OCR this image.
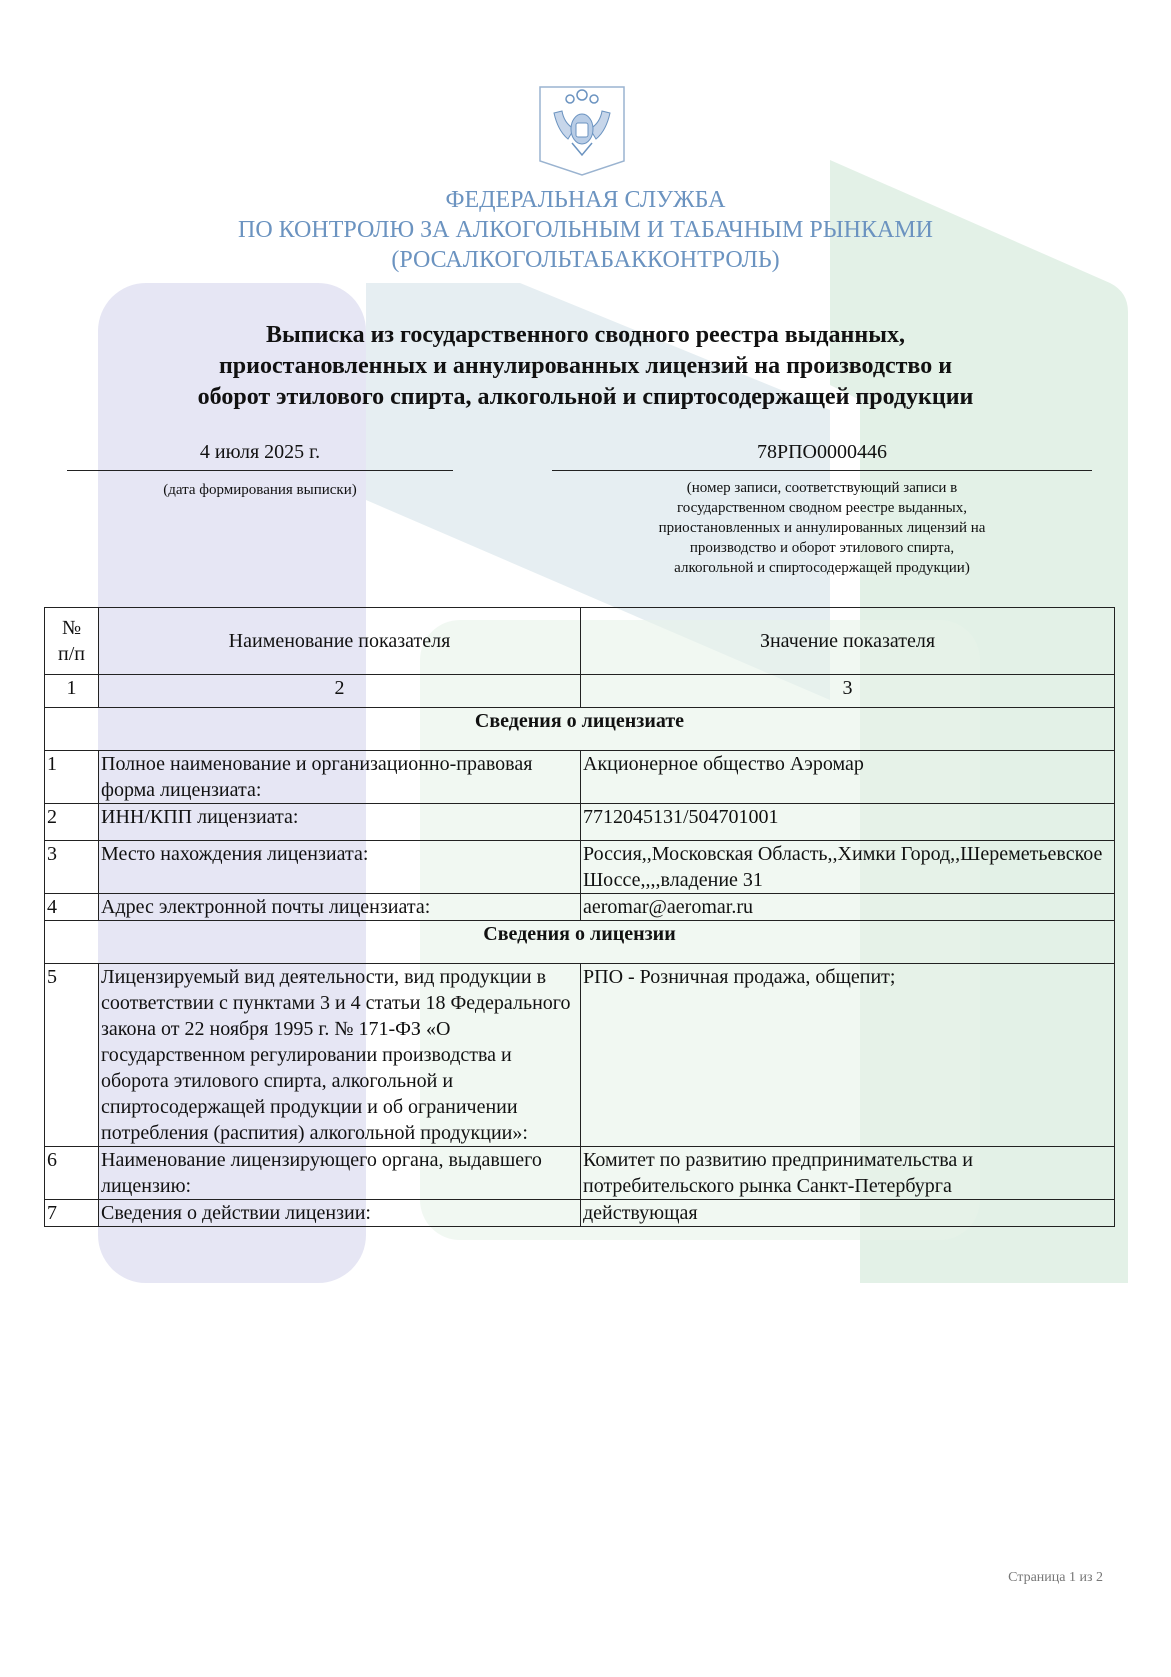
ФЕДЕРАЛЬНАЯ СЛУЖБА
ПО КОНТРОЛЮ ЗА АЛКОГОЛЬНЫМ И ТАБАЧНЫМ РЫНКАМИ
(РОСАЛКОГОЛЬТАБАККОНТРОЛЬ)
Выписка из государственного сводного реестра выданных,
приостановленных и аннулированных лицензий на производство и
оборот этилового спирта, алкогольной и спиртосодержащей продукции
4 июля 2025 г.
(дата формирования выписки)
78РПО0000446
(номер записи, соответствующий записи в
государственном сводном реестре выданных,
приостановленных и аннулированных лицензий на
производство и оборот этилового спирта,
алкогольной и спиртосодержащей продукции)
№
п/п	Наименование показателя	Значение показателя
1	2	3
Сведения о лицензиате		
1	Полное наименование и организационно-правовая форма лицензиата:	Акционерное общество Аэромар
2	ИНН/КПП лицензиата:	7712045131/504701001
3	Место нахождения лицензиата:	Россия,,Московская Область,,Химки Город,,Шереметьевское Шоссе,,,,владение 31
4	Адрес электронной почты лицензиата:	aeromar@aeromar.ru
Сведения о лицензии		
5	Лицензируемый вид деятельности, вид продукции в соответствии с пунктами 3 и 4 статьи 18 Федерального закона от 22 ноября 1995 г. № 171-ФЗ «О государственном регулировании производства и оборота этилового спирта, алкогольной и спиртосодержащей продукции и об ограничении потребления (распития) алкогольной продукции»:	РПО - Розничная продажа, общепит;
6	Наименование лицензирующего органа, выдавшего лицензию:	Комитет по развитию предпринимательства и потребительского рынка Санкт-Петербурга
7	Сведения о действии лицензии:	действующая
Страница 1 из 2
